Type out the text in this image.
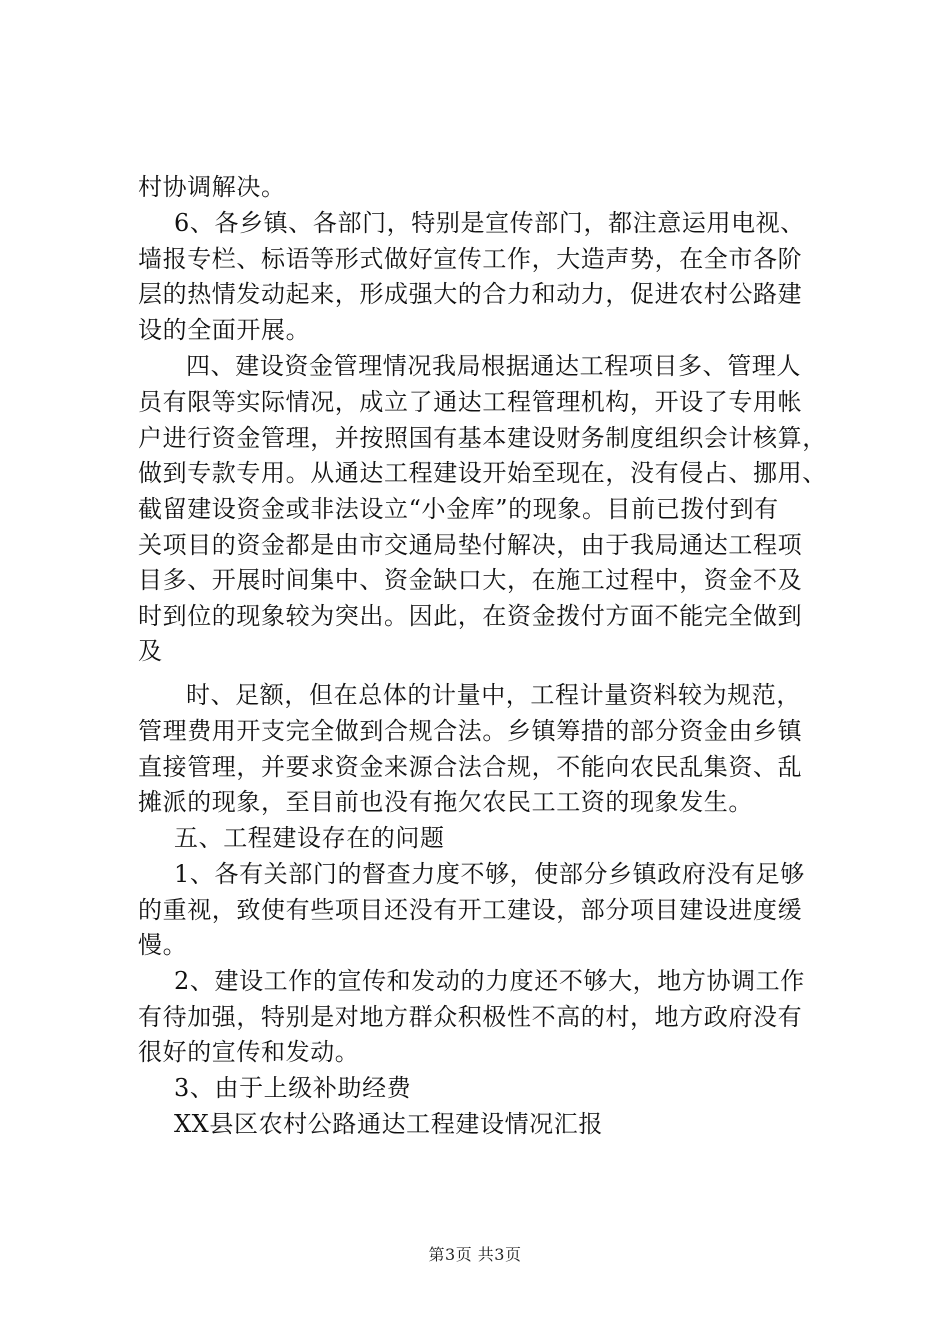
村协调解决。
6、各乡镇、各部门，特别是宣传部门，都注意运用电视、
墙报专栏、标语等形式做好宣传工作，大造声势，在全市各阶
层的热情发动起来，形成强大的合力和动力，促进农村公路建
设的全面开展。
四、建设资金管理情况我局根据通达工程项目多、管理人
员有限等实际情况，成立了通达工程管理机构，开设了专用帐
户进行资金管理，并按照国有基本建设财务制度组织会计核算，
做到专款专用。从通达工程建设开始至现在，没有侵占、挪用、
截留建设资金或非法设立“小金库”的现象。目前已拨付到有
关项目的资金都是由市交通局垫付解决，由于我局通达工程项
目多、开展时间集中、资金缺口大，在施工过程中，资金不及
时到位的现象较为突出。因此，在资金拨付方面不能完全做到
及
时、足额，但在总体的计量中，工程计量资料较为规范，
管理费用开支完全做到合规合法。乡镇筹措的部分资金由乡镇
直接管理，并要求资金来源合法合规，不能向农民乱集资、乱
摊派的现象，至目前也没有拖欠农民工工资的现象发生。
五、工程建设存在的问题
1、各有关部门的督查力度不够，使部分乡镇政府没有足够
的重视，致使有些项目还没有开工建设，部分项目建设进度缓
慢。
2、建设工作的宣传和发动的力度还不够大，地方协调工作
有待加强，特别是对地方群众积极性不高的村，地方政府没有
很好的宣传和发动。
3、由于上级补助经费
XX县区农村公路通达工程建设情况汇报
第3页 共3页
